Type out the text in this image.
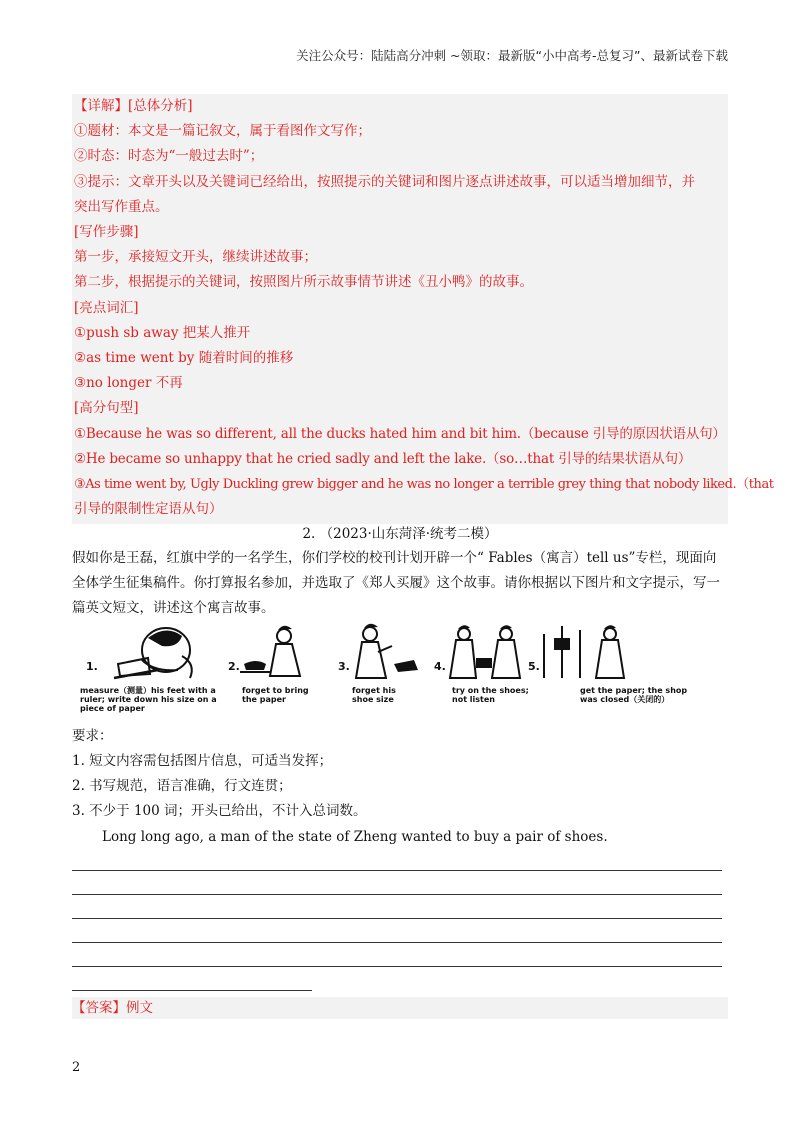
关注公众号：陆陆高分冲刺 ~领取：最新版“小中高考-总复习”、最新试卷下载
【详解】[总体分析]
①题材：本文是一篇记叙文，属于看图作文写作；
②时态：时态为“一般过去时”；
③提示：文章开头以及关键词已经给出，按照提示的关键词和图片逐点讲述故事，可以适当增加细节，并
突出写作重点。
[写作步骤]
第一步，承接短文开头，继续讲述故事；
第二步，根据提示的关键词，按照图片所示故事情节讲述《丑小鸭》的故事。
[亮点词汇]
①push sb away 把某人推开
②as time went by 随着时间的推移
③no longer 不再
[高分句型]
①Because he was so different, all the ducks hated him and bit him.（because 引导的原因状语从句）
②He became so unhappy that he cried sadly and left the lake.（so…that 引导的结果状语从句）
③As time went by, Ugly Duckling grew bigger and he was no longer a terrible grey thing that nobody liked.（that
引导的限制性定语从句）
2. （2023·山东菏泽·统考二模）
假如你是王磊，红旗中学的一名学生，你们学校的校刊计划开辟一个“ Fables（寓言）tell us”专栏，现面向全体学生征集稿件。你打算报名参加，并选取了《郑人买履》这个故事。请你根据以下图片和文字提示，写一篇英文短文，讲述这个寓言故事。
1.
measure（测量）his feet with a
ruler; write down his size on a
piece of paper
2.
forget to bring
the paper
3.
forget his
shoe size
4.
try on the shoes;
not listen
5.
get the paper; the shop
was closed（关闭的）
要求：
1. 短文内容需包括图片信息，可适当发挥；
2. 书写规范，语言准确，行文连贯；
3. 不少于 100 词；开头已给出，不计入总词数。
Long long ago, a man of the state of Zheng wanted to buy a pair of shoes.
【答案】例文
2
